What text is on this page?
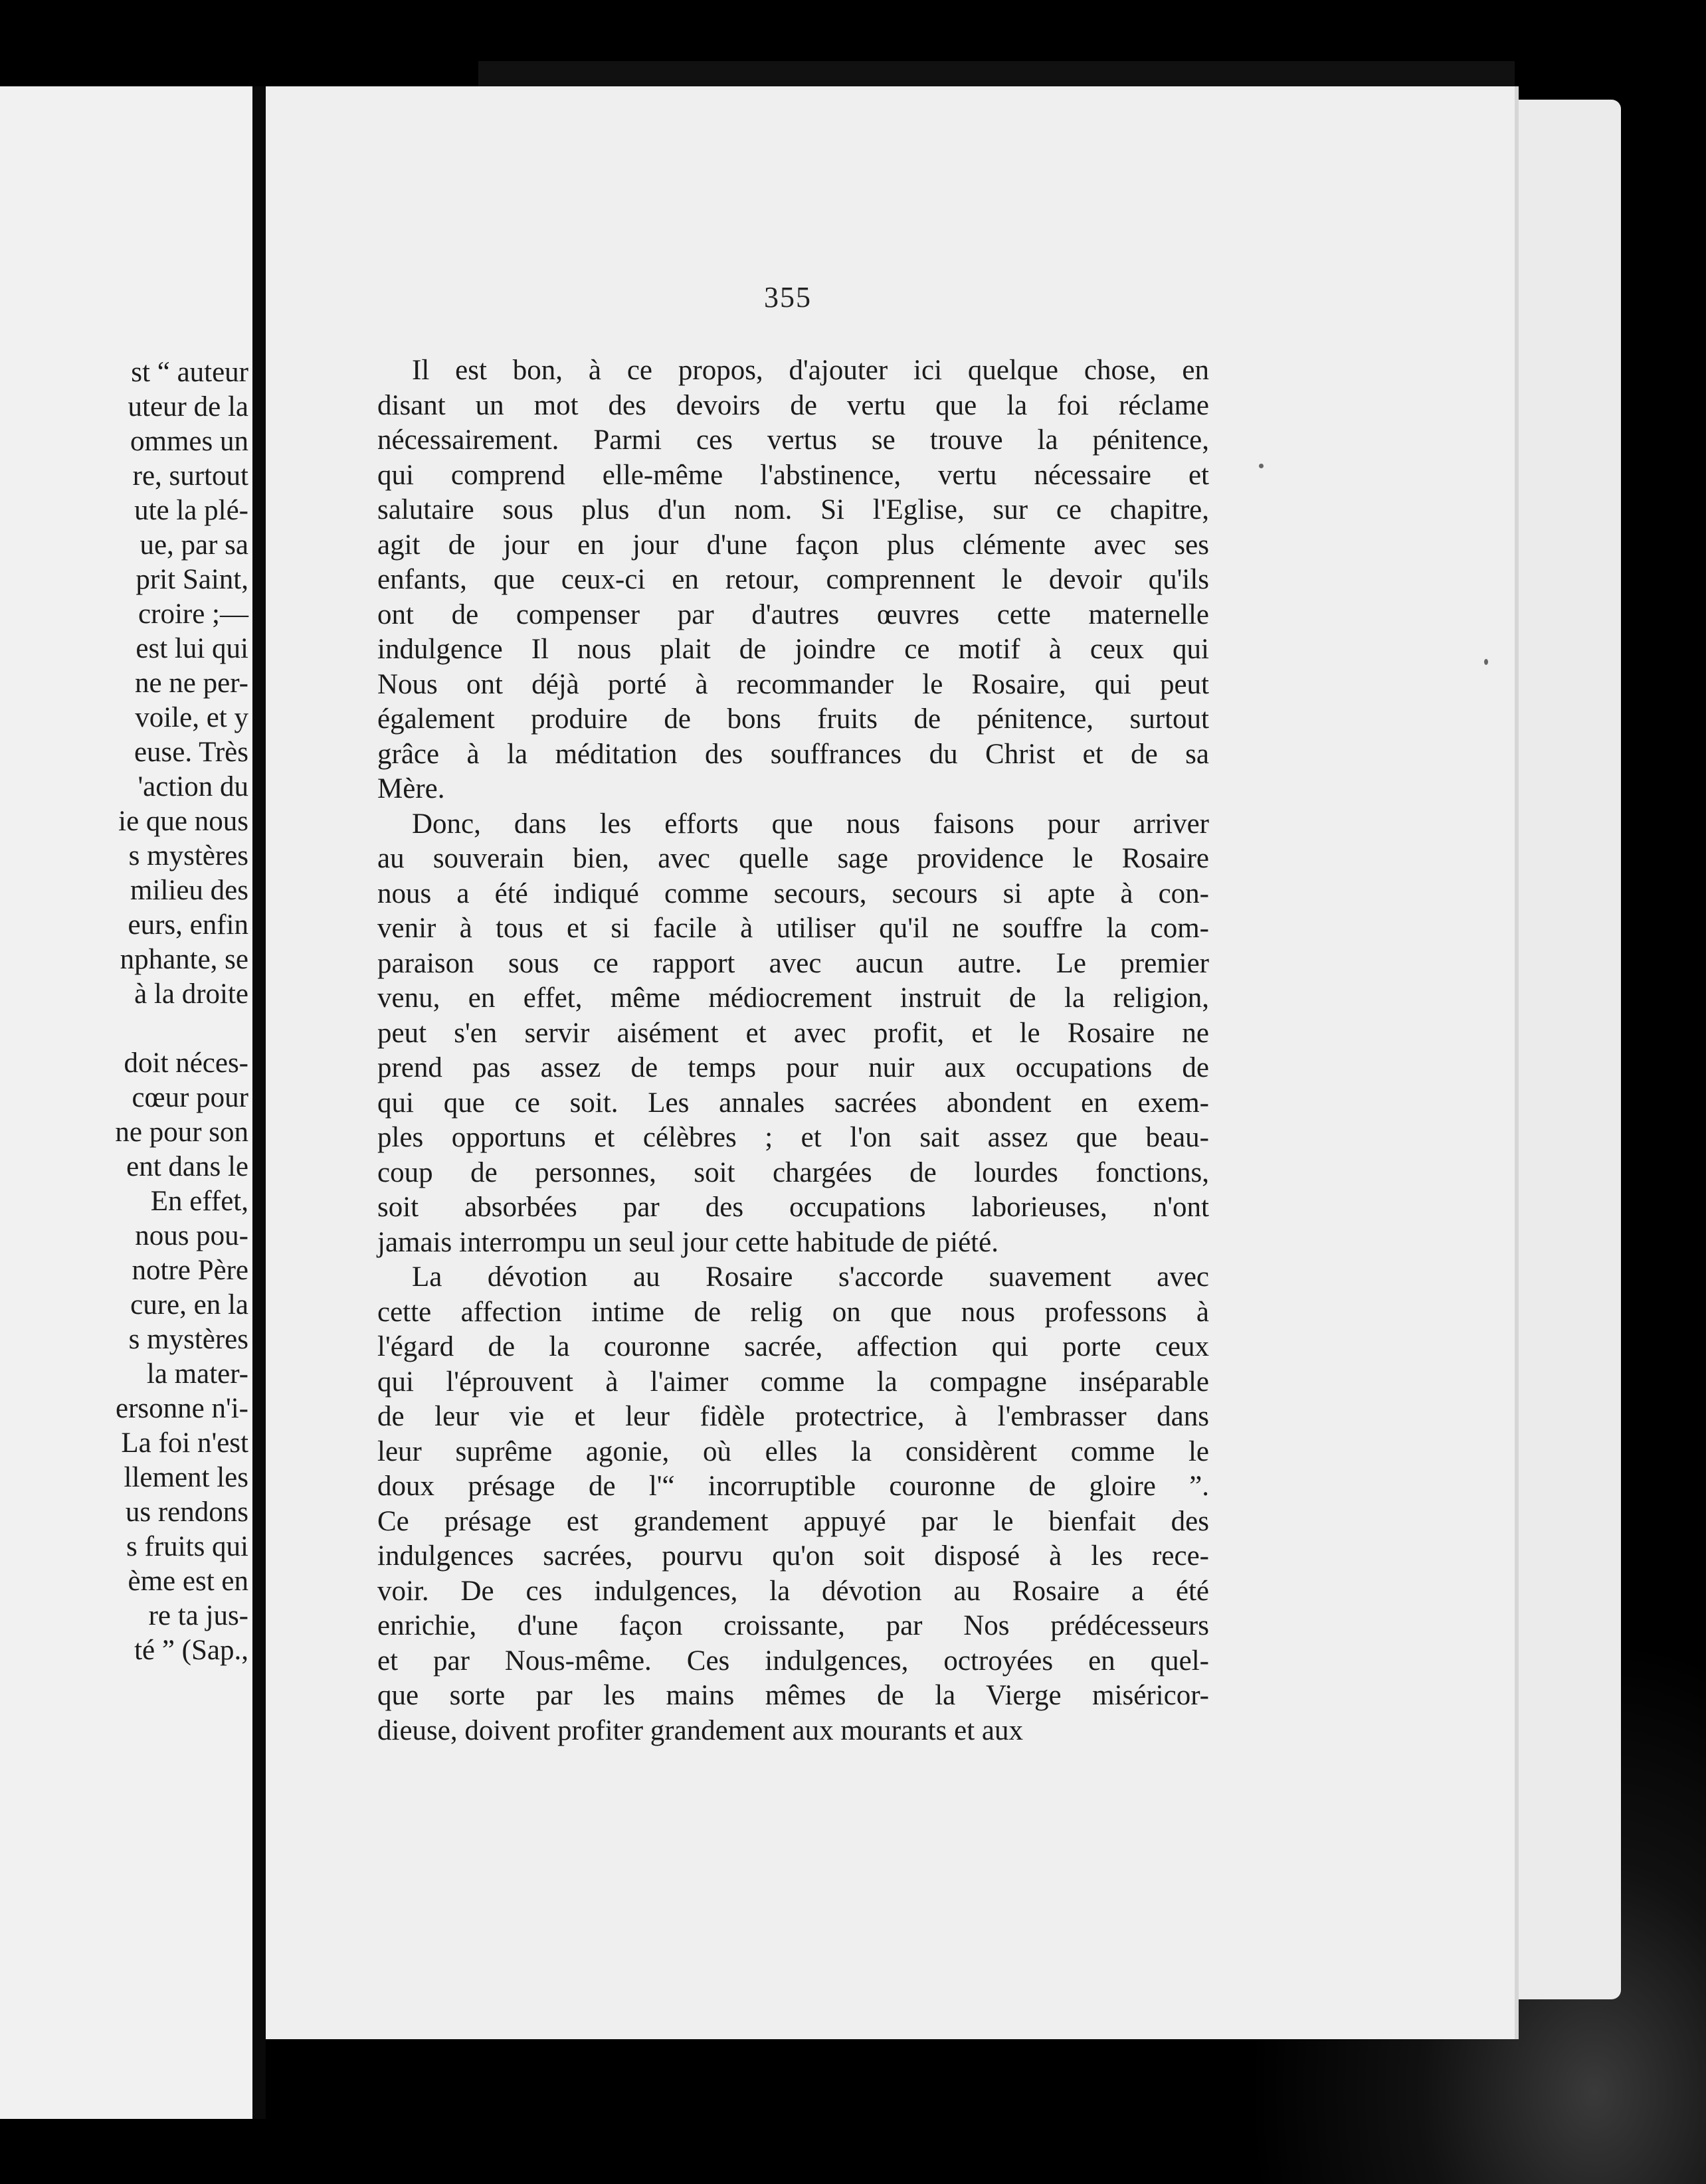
st “ auteur
uteur de la
ommes un
re, surtout
ute la plé-
ue, par sa
prit Saint,
croire ;—
est lui qui
ne ne per-
voile, et y
euse. Très
'action du
ie que nous
s mystères
milieu des
eurs, enfin
nphante, se
à la droite
doit néces-
cœur pour
ne pour son
ent dans le
En effet,
nous pou-
notre Père
cure, en la
s mystères
la mater-
ersonne n'i-
La foi n'est
llement les
us rendons
s fruits qui
ème est en
re ta jus-
té ” (Sap.,
355
Il est bon, à ce propos, d'ajouter ici quelque chose, en
disant un mot des devoirs de vertu que la foi réclame
nécessairement. Parmi ces vertus se trouve la pénitence,
qui comprend elle-même l'abstinence, vertu nécessaire et
salutaire sous plus d'un nom. Si l'Eglise, sur ce chapitre,
agit de jour en jour d'une façon plus clémente avec ses
enfants, que ceux-ci en retour, comprennent le devoir qu'ils
ont de compenser par d'autres œuvres cette maternelle
indulgence Il nous plait de joindre ce motif à ceux qui
Nous ont déjà porté à recommander le Rosaire, qui peut
également produire de bons fruits de pénitence, surtout
grâce à la méditation des souffrances du Christ et de sa
Mère.
Donc, dans les efforts que nous faisons pour arriver
au souverain bien, avec quelle sage providence le Rosaire
nous a été indiqué comme secours, secours si apte à con-
venir à tous et si facile à utiliser qu'il ne souffre la com-
paraison sous ce rapport avec aucun autre. Le premier
venu, en effet, même médiocrement instruit de la religion,
peut s'en servir aisément et avec profit, et le Rosaire ne
prend pas assez de temps pour nuir aux occupations de
qui que ce soit. Les annales sacrées abondent en exem-
ples opportuns et célèbres ; et l'on sait assez que beau-
coup de personnes, soit chargées de lourdes fonctions,
soit absorbées par des occupations laborieuses, n'ont
jamais interrompu un seul jour cette habitude de piété.
La dévotion au Rosaire s'accorde suavement avec
cette affection intime de relig on que nous professons à
l'égard de la couronne sacrée, affection qui porte ceux
qui l'éprouvent à l'aimer comme la compagne inséparable
de leur vie et leur fidèle protectrice, à l'embrasser dans
leur suprême agonie, où elles la considèrent comme le
doux présage de l'“ incorruptible couronne de gloire ”.
Ce présage est grandement appuyé par le bienfait des
indulgences sacrées, pourvu qu'on soit disposé à les rece-
voir. De ces indulgences, la dévotion au Rosaire a été
enrichie, d'une façon croissante, par Nos prédécesseurs
et par Nous-même. Ces indulgences, octroyées en quel-
que sorte par les mains mêmes de la Vierge miséricor-
dieuse, doivent profiter grandement aux mourants et aux
